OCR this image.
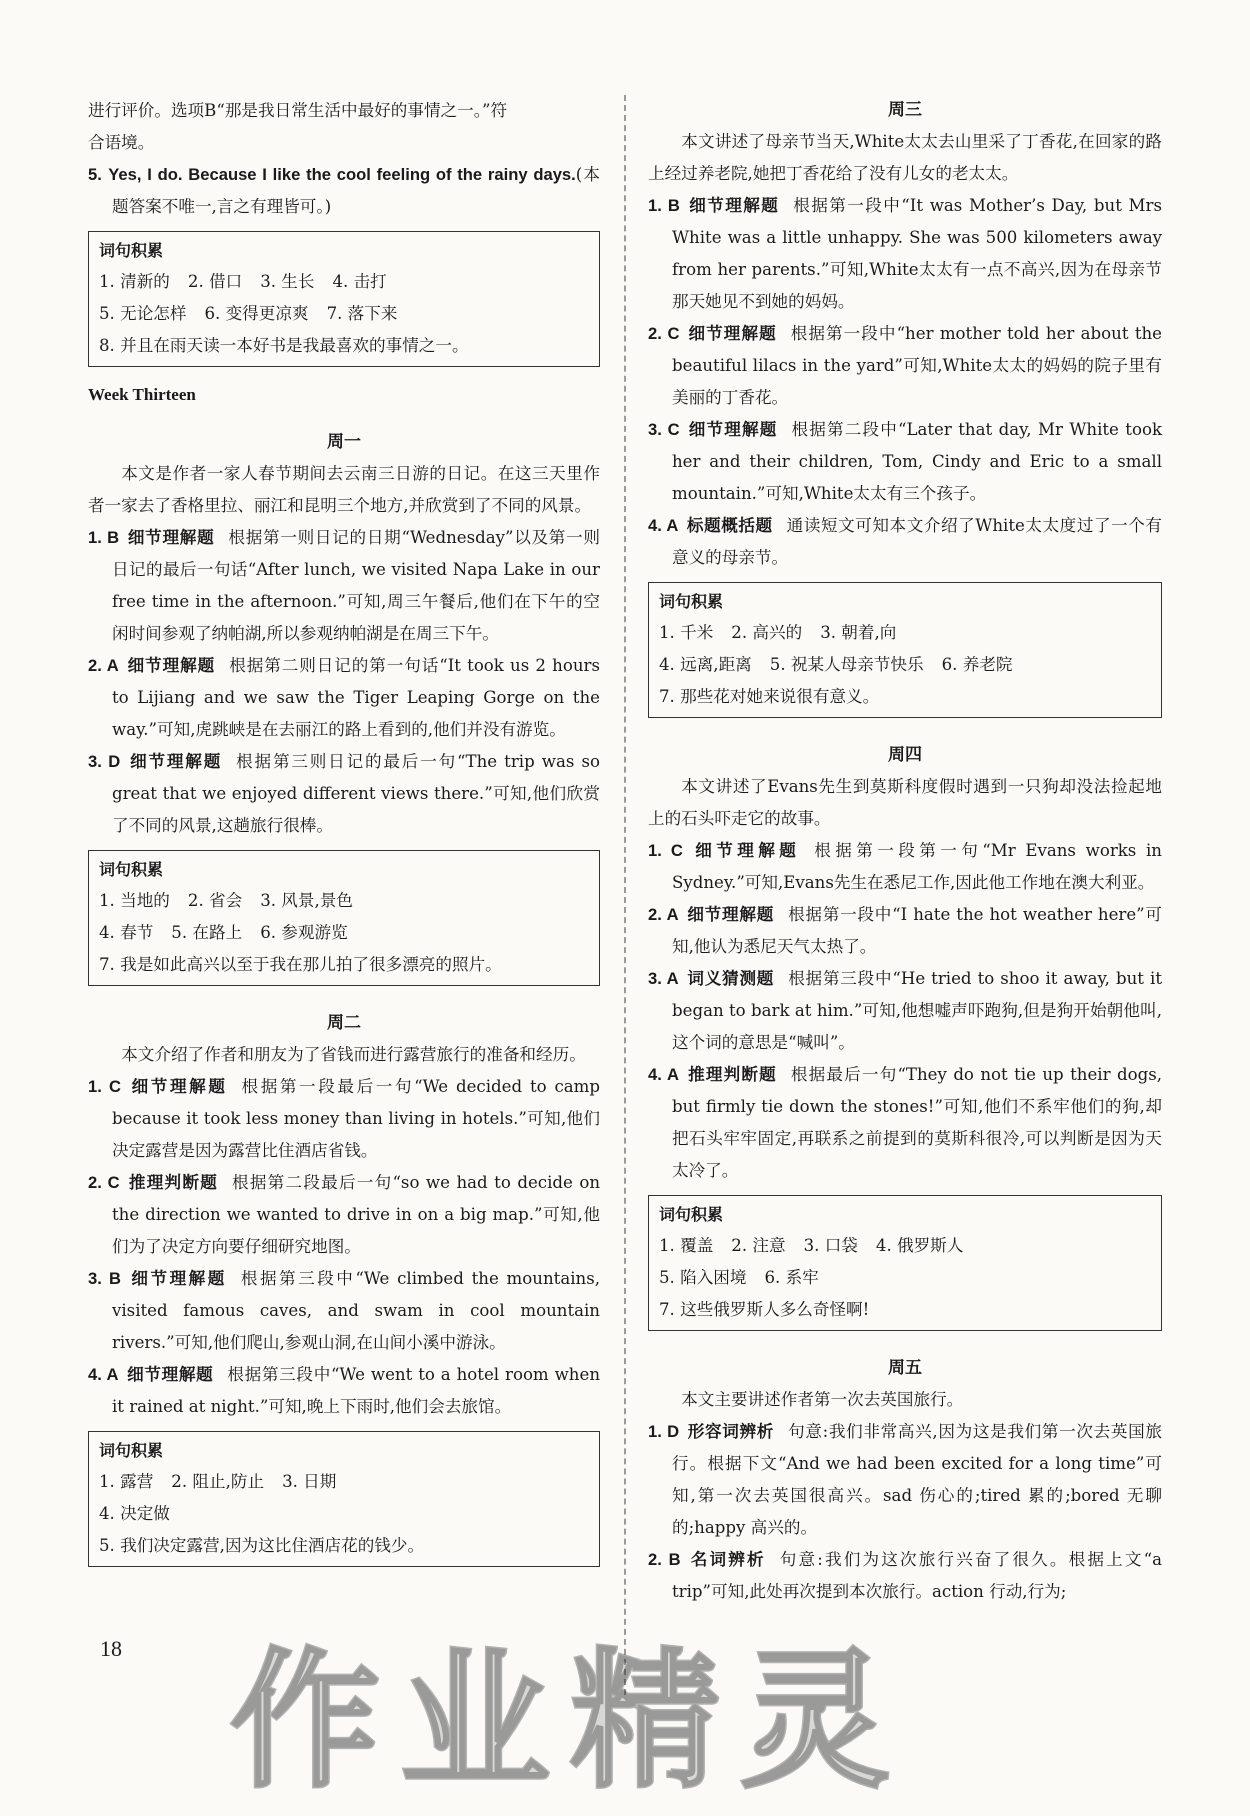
进行评价。选项B“那是我日常生活中最好的事情之一。”符

合语境。

5. Yes, I do. Because I like the cool feeling of the rainy days.(本题答案不唯一,言之有理皆可。)

词句积累
1. 清新的 2. 借口 3. 生长 4. 击打
5. 无论怎样 6. 变得更凉爽 7. 落下来
8. 并且在雨天读一本好书是我最喜欢的事情之一。
Week Thirteen
周一

本文是作者一家人春节期间去云南三日游的日记。在这三天里作者一家去了香格里拉、丽江和昆明三个地方,并欣赏到了不同的风景。

1. B 细节理解题 根据第一则日记的日期“Wednesday”以及第一则日记的最后一句话“After lunch, we visited Napa Lake in our free time in the afternoon.”可知,周三午餐后,他们在下午的空闲时间参观了纳帕湖,所以参观纳帕湖是在周三下午。

2. A 细节理解题 根据第二则日记的第一句话“It took us 2 hours to Lijiang and we saw the Tiger Leaping Gorge on the way.”可知,虎跳峡是在去丽江的路上看到的,他们并没有游览。

3. D 细节理解题 根据第三则日记的最后一句“The trip was so great that we enjoyed different views there.”可知,他们欣赏了不同的风景,这趟旅行很棒。

词句积累
1. 当地的 2. 省会 3. 风景,景色
4. 春节 5. 在路上 6. 参观游览
7. 我是如此高兴以至于我在那儿拍了很多漂亮的照片。
周二

本文介绍了作者和朋友为了省钱而进行露营旅行的准备和经历。

1. C 细节理解题 根据第一段最后一句“We decided to camp because it took less money than living in hotels.”可知,他们决定露营是因为露营比住酒店省钱。

2. C 推理判断题 根据第二段最后一句“so we had to decide on the direction we wanted to drive in on a big map.”可知,他们为了决定方向要仔细研究地图。

3. B 细节理解题 根据第三段中“We climbed the mountains, visited famous caves, and swam in cool mountain rivers.”可知,他们爬山,参观山洞,在山间小溪中游泳。

4. A 细节理解题 根据第三段中“We went to a hotel room when it rained at night.”可知,晚上下雨时,他们会去旅馆。

词句积累
1. 露营 2. 阻止,防止 3. 日期
4. 决定做
5. 我们决定露营,因为这比住酒店花的钱少。
周三

本文讲述了母亲节当天,White太太去山里采了丁香花,在回家的路上经过养老院,她把丁香花给了没有儿女的老太太。

1. B 细节理解题 根据第一段中“It was Mother’s Day, but Mrs White was a little unhappy. She was 500 kilometers away from her parents.”可知,White太太有一点不高兴,因为在母亲节那天她见不到她的妈妈。

2. C 细节理解题 根据第一段中“her mother told her about the beautiful lilacs in the yard”可知,White太太的妈妈的院子里有美丽的丁香花。

3. C 细节理解题 根据第二段中“Later that day, Mr White took her and their children, Tom, Cindy and Eric to a small mountain.”可知,White太太有三个孩子。

4. A 标题概括题 通读短文可知本文介绍了White太太度过了一个有意义的母亲节。

词句积累
1. 千米 2. 高兴的 3. 朝着,向
4. 远离,距离 5. 祝某人母亲节快乐 6. 养老院
7. 那些花对她来说很有意义。
周四

本文讲述了Evans先生到莫斯科度假时遇到一只狗却没法捡起地上的石头吓走它的故事。

1. C 细节理解题 根据第一段第一句“Mr Evans works in Sydney.”可知,Evans先生在悉尼工作,因此他工作地在澳大利亚。

2. A 细节理解题 根据第一段中“I hate the hot weather here”可知,他认为悉尼天气太热了。

3. A 词义猜测题 根据第三段中“He tried to shoo it away, but it began to bark at him.”可知,他想嘘声吓跑狗,但是狗开始朝他叫,这个词的意思是“喊叫”。

4. A 推理判断题 根据最后一句“They do not tie up their dogs, but firmly tie down the stones!”可知,他们不系牢他们的狗,却把石头牢牢固定,再联系之前提到的莫斯科很冷,可以判断是因为天太冷了。

词句积累
1. 覆盖 2. 注意 3. 口袋 4. 俄罗斯人
5. 陷入困境 6. 系牢
7. 这些俄罗斯人多么奇怪啊!
周五

本文主要讲述作者第一次去英国旅行。

1. D 形容词辨析 句意:我们非常高兴,因为这是我们第一次去英国旅行。根据下文“And we had been excited for a long time”可知,第一次去英国很高兴。sad 伤心的;tired 累的;bored 无聊的;happy 高兴的。

2. B 名词辨析 句意:我们为这次旅行兴奋了很久。根据上文“a trip”可知,此处再次提到本次旅行。action 行动,行为;

18 作业精灵
